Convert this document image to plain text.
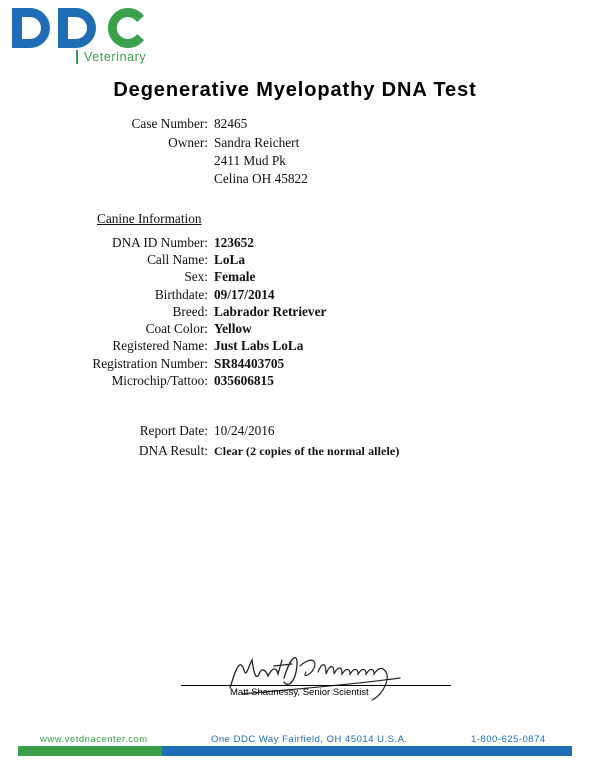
Veterinary
Degenerative Myelopathy DNA Test
Case Number: 82465
Owner: Sandra Reichert
2411 Mud Pk
Celina OH 45822
Canine Information
DNA ID Number: 123652
Call Name: LoLa
Sex: Female
Birthdate: 09/17/2014
Breed: Labrador Retriever
Coat Color: Yellow
Registered Name: Just Labs LoLa
Registration Number: SR84403705
Microchip/Tattoo: 035606815
Report Date: 10/24/2016
DNA Result: Clear (2 copies of the normal allele)
Matt Shaunessy, Senior Scientist
www.vetdnacenter.com	One DDC Way Fairfield, OH 45014 U.S.A.	1-800-625-0874
